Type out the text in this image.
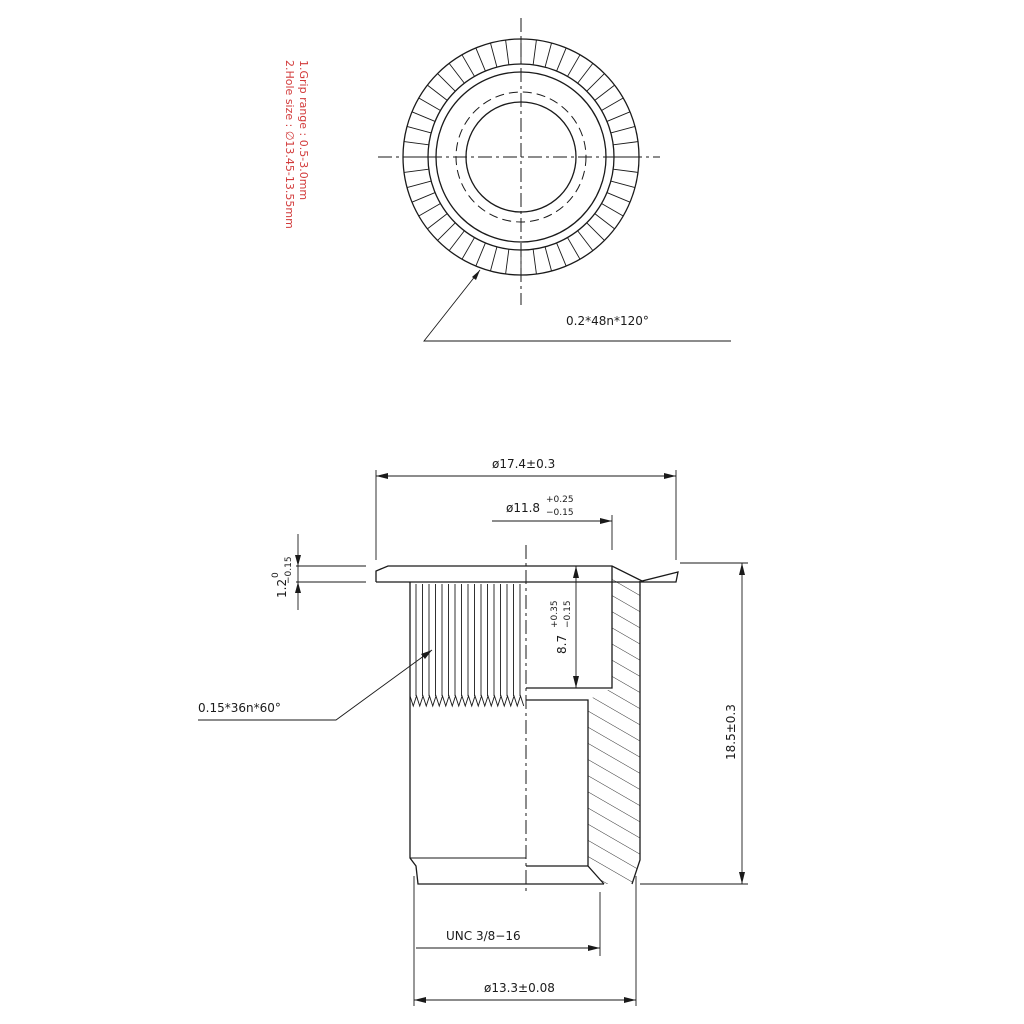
1.Grip range : 0.5-3.0mm
2.Hole size : ∅13.45-13.55mm
0.2*48n*120°
ø17.4±0.3
ø11.8
+0.25
−0.15
1.2
0 −0.15
8.7
+0.35 −0.15
18.5±0.3
0.15*36n*60°
UNC 3/8−16
ø13.3±0.08
